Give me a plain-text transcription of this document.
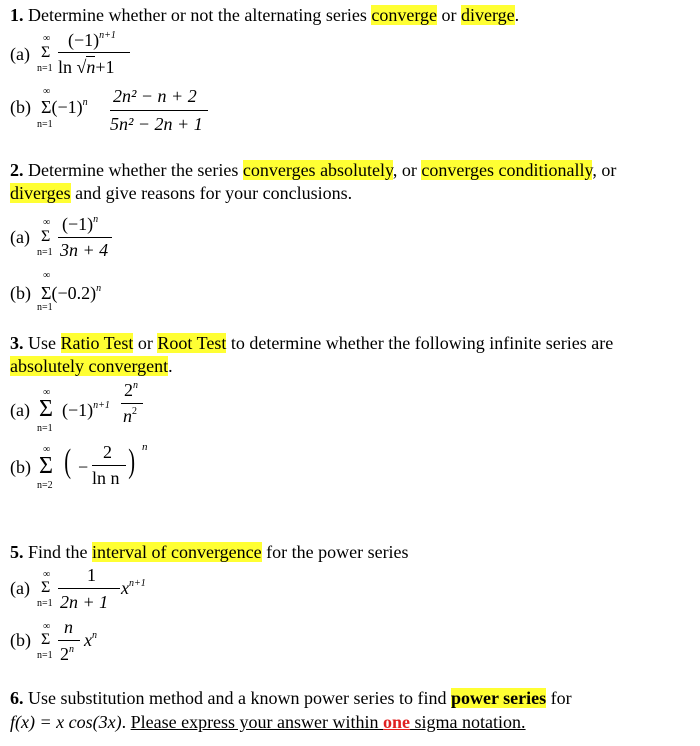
1. Determine whether or not the alternating series converge or diverge.
(a)
∞
Σ
n=1
$(-1)^{n+1}$
ln √n+1
(b)
∞
$\Sigma(-1)^n$
n=1
2n² − n + 2
5n² − 2n + 1
2. Determine whether the series converges absolutely, or converges conditionally, or
diverges and give reasons for your conclusions.
(a)
∞
Σ
n=1
$(-1)^n$
3n + 4
(b)
∞
$\Sigma(-0.2)^n$
n=1
3. Use Ratio Test or Root Test to determine whether the following infinite series are
absolutely convergent.
(a)
∞
Σ
n=1
$(-1)^{n+1}$
2$^n$
$n^2$
(b)
∞
Σ
n=2
( −
2
ln n ) n
5. Find the interval of convergence for the power series
(a)
∞
Σ
n=1
1
2n + 1
$x^{n+1}$
(b)
∞
Σ
n=1
n
2$^n$ $x^n$
6. Use substitution method and a known power series to find power series for
f(x) = x cos(3x). Please express your answer within one sigma notation.
